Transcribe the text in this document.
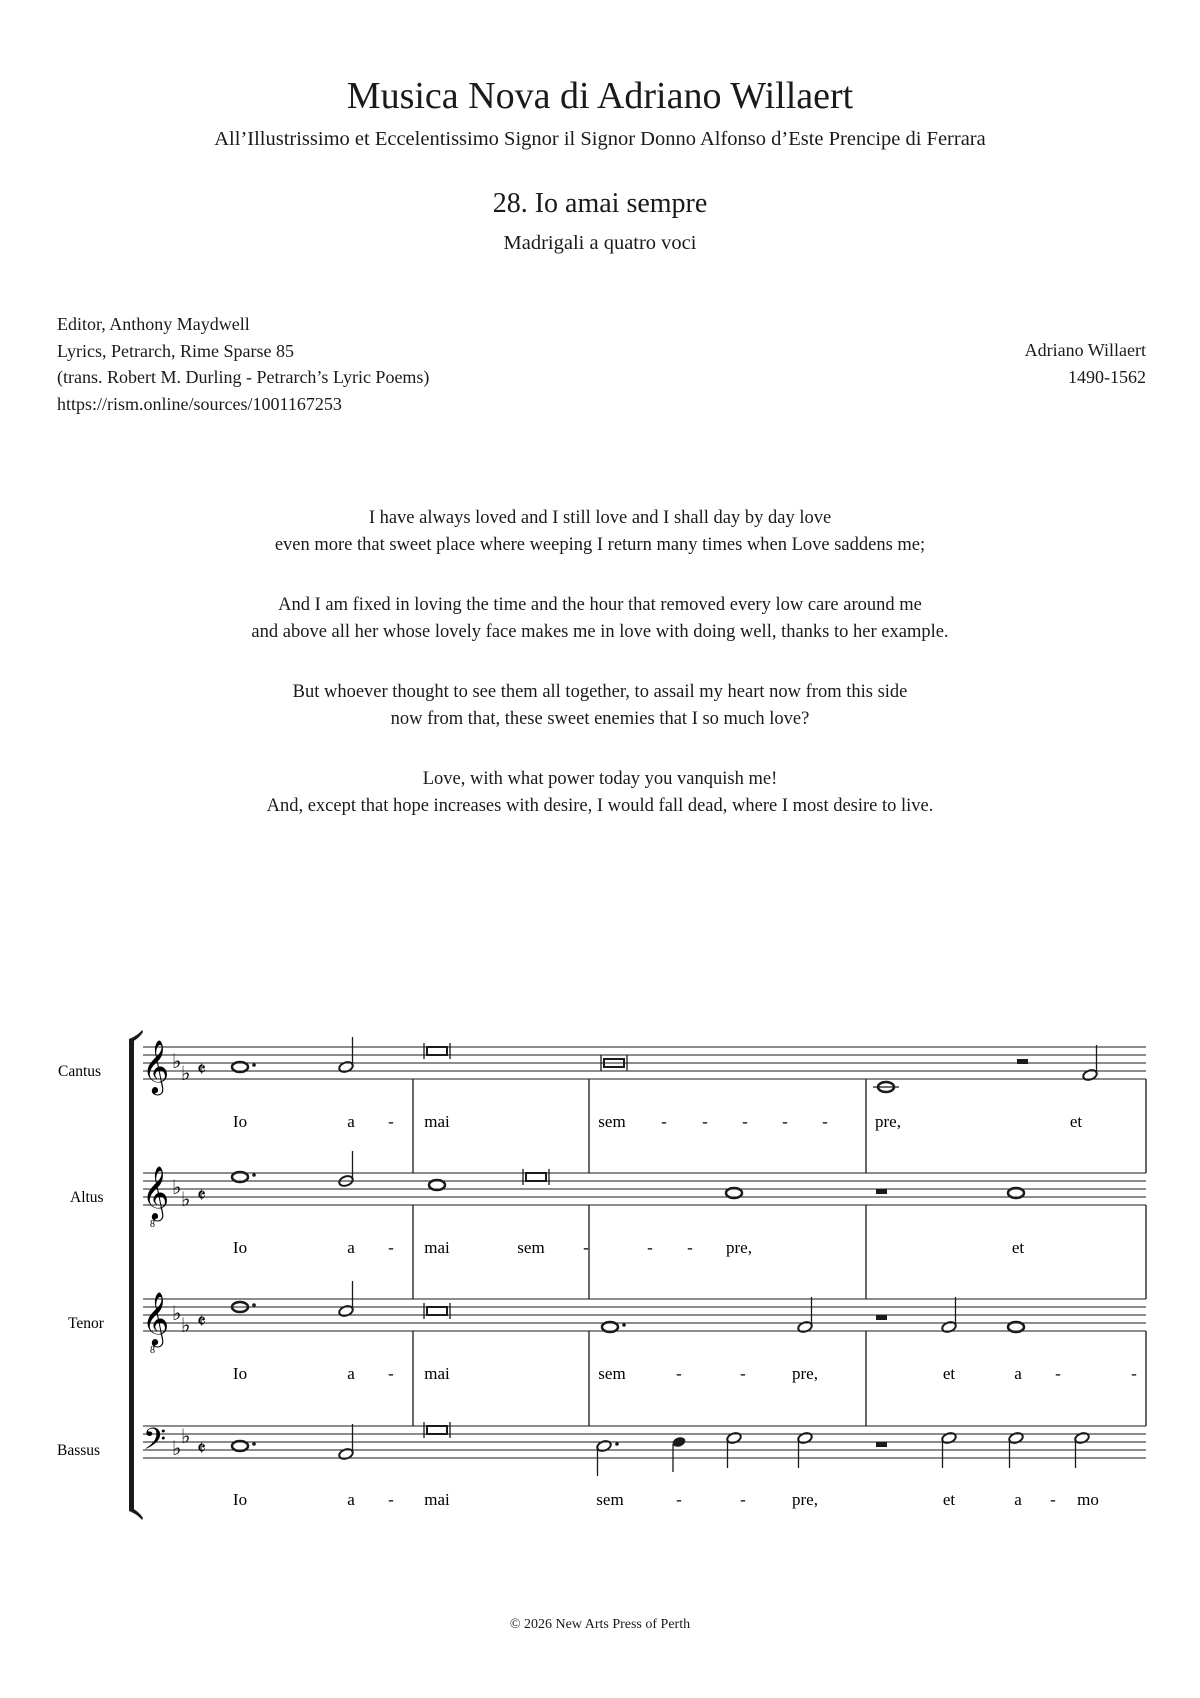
Musica Nova di Adriano Willaert
All’Illustrissimo et Eccelentissimo Signor il Signor Donno Alfonso d’Este Prencipe di Ferrara
28. Io amai sempre
Madrigali a quatro voci
Editor, Anthony Maydwell
Lyrics, Petrarch, Rime Sparse 85
(trans. Robert M. Durling - Petrarch’s Lyric Poems)
https://rism.online/sources/1001167253
Adriano Willaert
1490-1562
I have always loved and I still love and I shall day by day love
even more that sweet place where weeping I return many times when Love saddens me;
And I am fixed in loving the time and the hour that removed every low care around me
and above all her whose lovely face makes me in love with doing well, thanks to her example.
But whoever thought to see them all together, to assail my heart now from this side
now from that, these sweet enemies that I so much love?
Love, with what power today you vanquish me!
And, except that hope increases with desire, I would fall dead, where I most desire to live.
Cantus
Altus
Tenor
Bassus
𝄞 ♭
♭ 𝄵
𝄞
8
♭
♭ 𝄵
𝄞
8
♭
♭ 𝄵
𝄢 ♭
♭
𝄵
Io	a - mai	sem - - - - -	pre,	et
Io	a - mai	sem -	- - pre,	et
Io	a - mai	sem	-	-	pre,	et	a -	-
Io	a - mai	sem	-	-	pre,	et	a - mo
© 2026 New Arts Press of Perth
